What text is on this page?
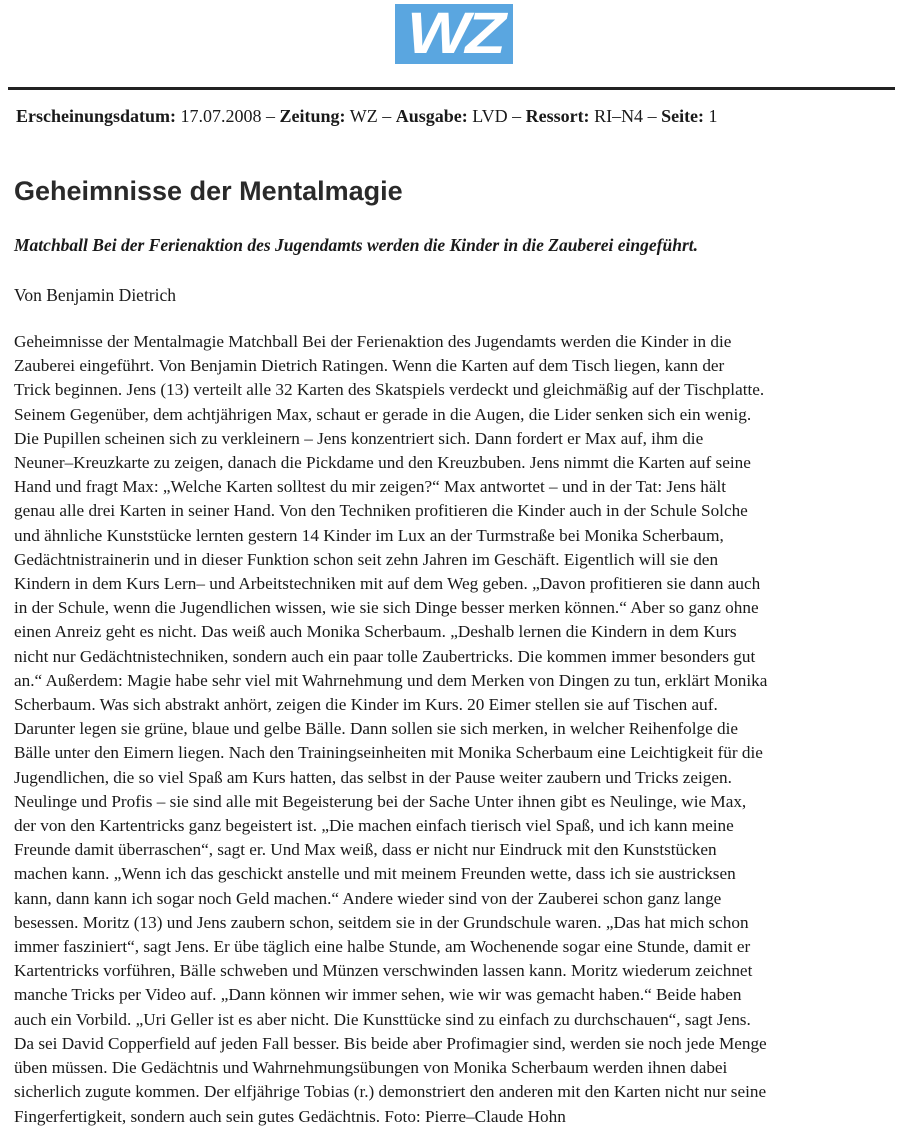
WZ
Erscheinungsdatum: 17.07.2008 – Zeitung: WZ – Ausgabe: LVD – Ressort: RI–N4 – Seite: 1
Geheimnisse der Mentalmagie
Matchball Bei der Ferienaktion des Jugendamts werden die Kinder in die Zauberei eingeführt.
Von Benjamin Dietrich
Geheimnisse der Mentalmagie Matchball Bei der Ferienaktion des Jugendamts werden die Kinder in die
Zauberei eingeführt. Von Benjamin Dietrich Ratingen. Wenn die Karten auf dem Tisch liegen, kann der
Trick beginnen. Jens (13) verteilt alle 32 Karten des Skatspiels verdeckt und gleichmäßig auf der Tischplatte.
Seinem Gegenüber, dem achtjährigen Max, schaut er gerade in die Augen, die Lider senken sich ein wenig.
Die Pupillen scheinen sich zu verkleinern – Jens konzentriert sich. Dann fordert er Max auf, ihm die
Neuner–Kreuzkarte zu zeigen, danach die Pickdame und den Kreuzbuben. Jens nimmt die Karten auf seine
Hand und fragt Max: „Welche Karten solltest du mir zeigen?“ Max antwortet – und in der Tat: Jens hält
genau alle drei Karten in seiner Hand. Von den Techniken profitieren die Kinder auch in der Schule Solche
und ähnliche Kunststücke lernten gestern 14 Kinder im Lux an der Turmstraße bei Monika Scherbaum,
Gedächtnistrainerin und in dieser Funktion schon seit zehn Jahren im Geschäft. Eigentlich will sie den
Kindern in dem Kurs Lern– und Arbeitstechniken mit auf dem Weg geben. „Davon profitieren sie dann auch
in der Schule, wenn die Jugendlichen wissen, wie sie sich Dinge besser merken können.“ Aber so ganz ohne
einen Anreiz geht es nicht. Das weiß auch Monika Scherbaum. „Deshalb lernen die Kindern in dem Kurs
nicht nur Gedächtnistechniken, sondern auch ein paar tolle Zaubertricks. Die kommen immer besonders gut
an.“ Außerdem: Magie habe sehr viel mit Wahrnehmung und dem Merken von Dingen zu tun, erklärt Monika
Scherbaum. Was sich abstrakt anhört, zeigen die Kinder im Kurs. 20 Eimer stellen sie auf Tischen auf.
Darunter legen sie grüne, blaue und gelbe Bälle. Dann sollen sie sich merken, in welcher Reihenfolge die
Bälle unter den Eimern liegen. Nach den Trainingseinheiten mit Monika Scherbaum eine Leichtigkeit für die
Jugendlichen, die so viel Spaß am Kurs hatten, das selbst in der Pause weiter zaubern und Tricks zeigen.
Neulinge und Profis – sie sind alle mit Begeisterung bei der Sache Unter ihnen gibt es Neulinge, wie Max,
der von den Kartentricks ganz begeistert ist. „Die machen einfach tierisch viel Spaß, und ich kann meine
Freunde damit überraschen“, sagt er. Und Max weiß, dass er nicht nur Eindruck mit den Kunststücken
machen kann. „Wenn ich das geschickt anstelle und mit meinem Freunden wette, dass ich sie austricksen
kann, dann kann ich sogar noch Geld machen.“ Andere wieder sind von der Zauberei schon ganz lange
besessen. Moritz (13) und Jens zaubern schon, seitdem sie in der Grundschule waren. „Das hat mich schon
immer fasziniert“, sagt Jens. Er übe täglich eine halbe Stunde, am Wochenende sogar eine Stunde, damit er
Kartentricks vorführen, Bälle schweben und Münzen verschwinden lassen kann. Moritz wiederum zeichnet
manche Tricks per Video auf. „Dann können wir immer sehen, wie wir was gemacht haben.“ Beide haben
auch ein Vorbild. „Uri Geller ist es aber nicht. Die Kunsttücke sind zu einfach zu durchschauen“, sagt Jens.
Da sei David Copperfield auf jeden Fall besser. Bis beide aber Profimagier sind, werden sie noch jede Menge
üben müssen. Die Gedächtnis und Wahrnehmungsübungen von Monika Scherbaum werden ihnen dabei
sicherlich zugute kommen. Der elfjährige Tobias (r.) demonstriert den anderen mit den Karten nicht nur seine
Fingerfertigkeit, sondern auch sein gutes Gedächtnis. Foto: Pierre–Claude Hohn
